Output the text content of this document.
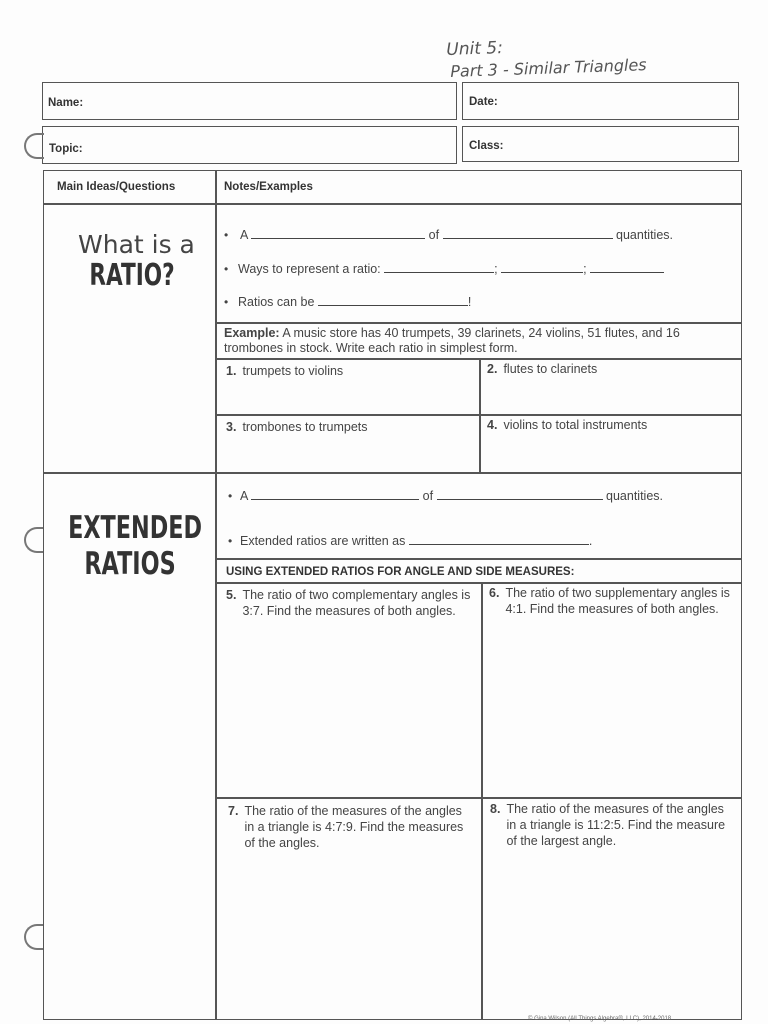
Unit 5:
Part 3 - Similar Triangles
Name:	Date:
Topic:	Class:
Main Ideas/Questions	Notes/Examples
What is a
RATIO?
• A	of	quantities.
• Ways to represent a ratio:	;	;
• Ratios can be	!
Example: A music store has 40 trumpets, 39 clarinets, 24 violins, 51 flutes, and 16 trombones in stock. Write each ratio in simplest form.
1. trumpets to violins	2. flutes to clarinets
3. trombones to trumpets	4. violins to total instruments
EXTENDED
RATIOS
• A	of	quantities.
• Extended ratios are written as	.
USING EXTENDED RATIOS FOR ANGLE AND SIDE MEASURES:
5. The ratio of two complementary angles is 3:7. Find the measures of both angles.
6. The ratio of two supplementary angles is 4:1. Find the measures of both angles.
7. The ratio of the measures of the angles in a triangle is 4:7:9. Find the measures of the angles.
8. The ratio of the measures of the angles in a triangle is 11:2:5. Find the measure of the largest angle.
© Gina Wilson (All Things Algebra®, LLC), 2014-2018
